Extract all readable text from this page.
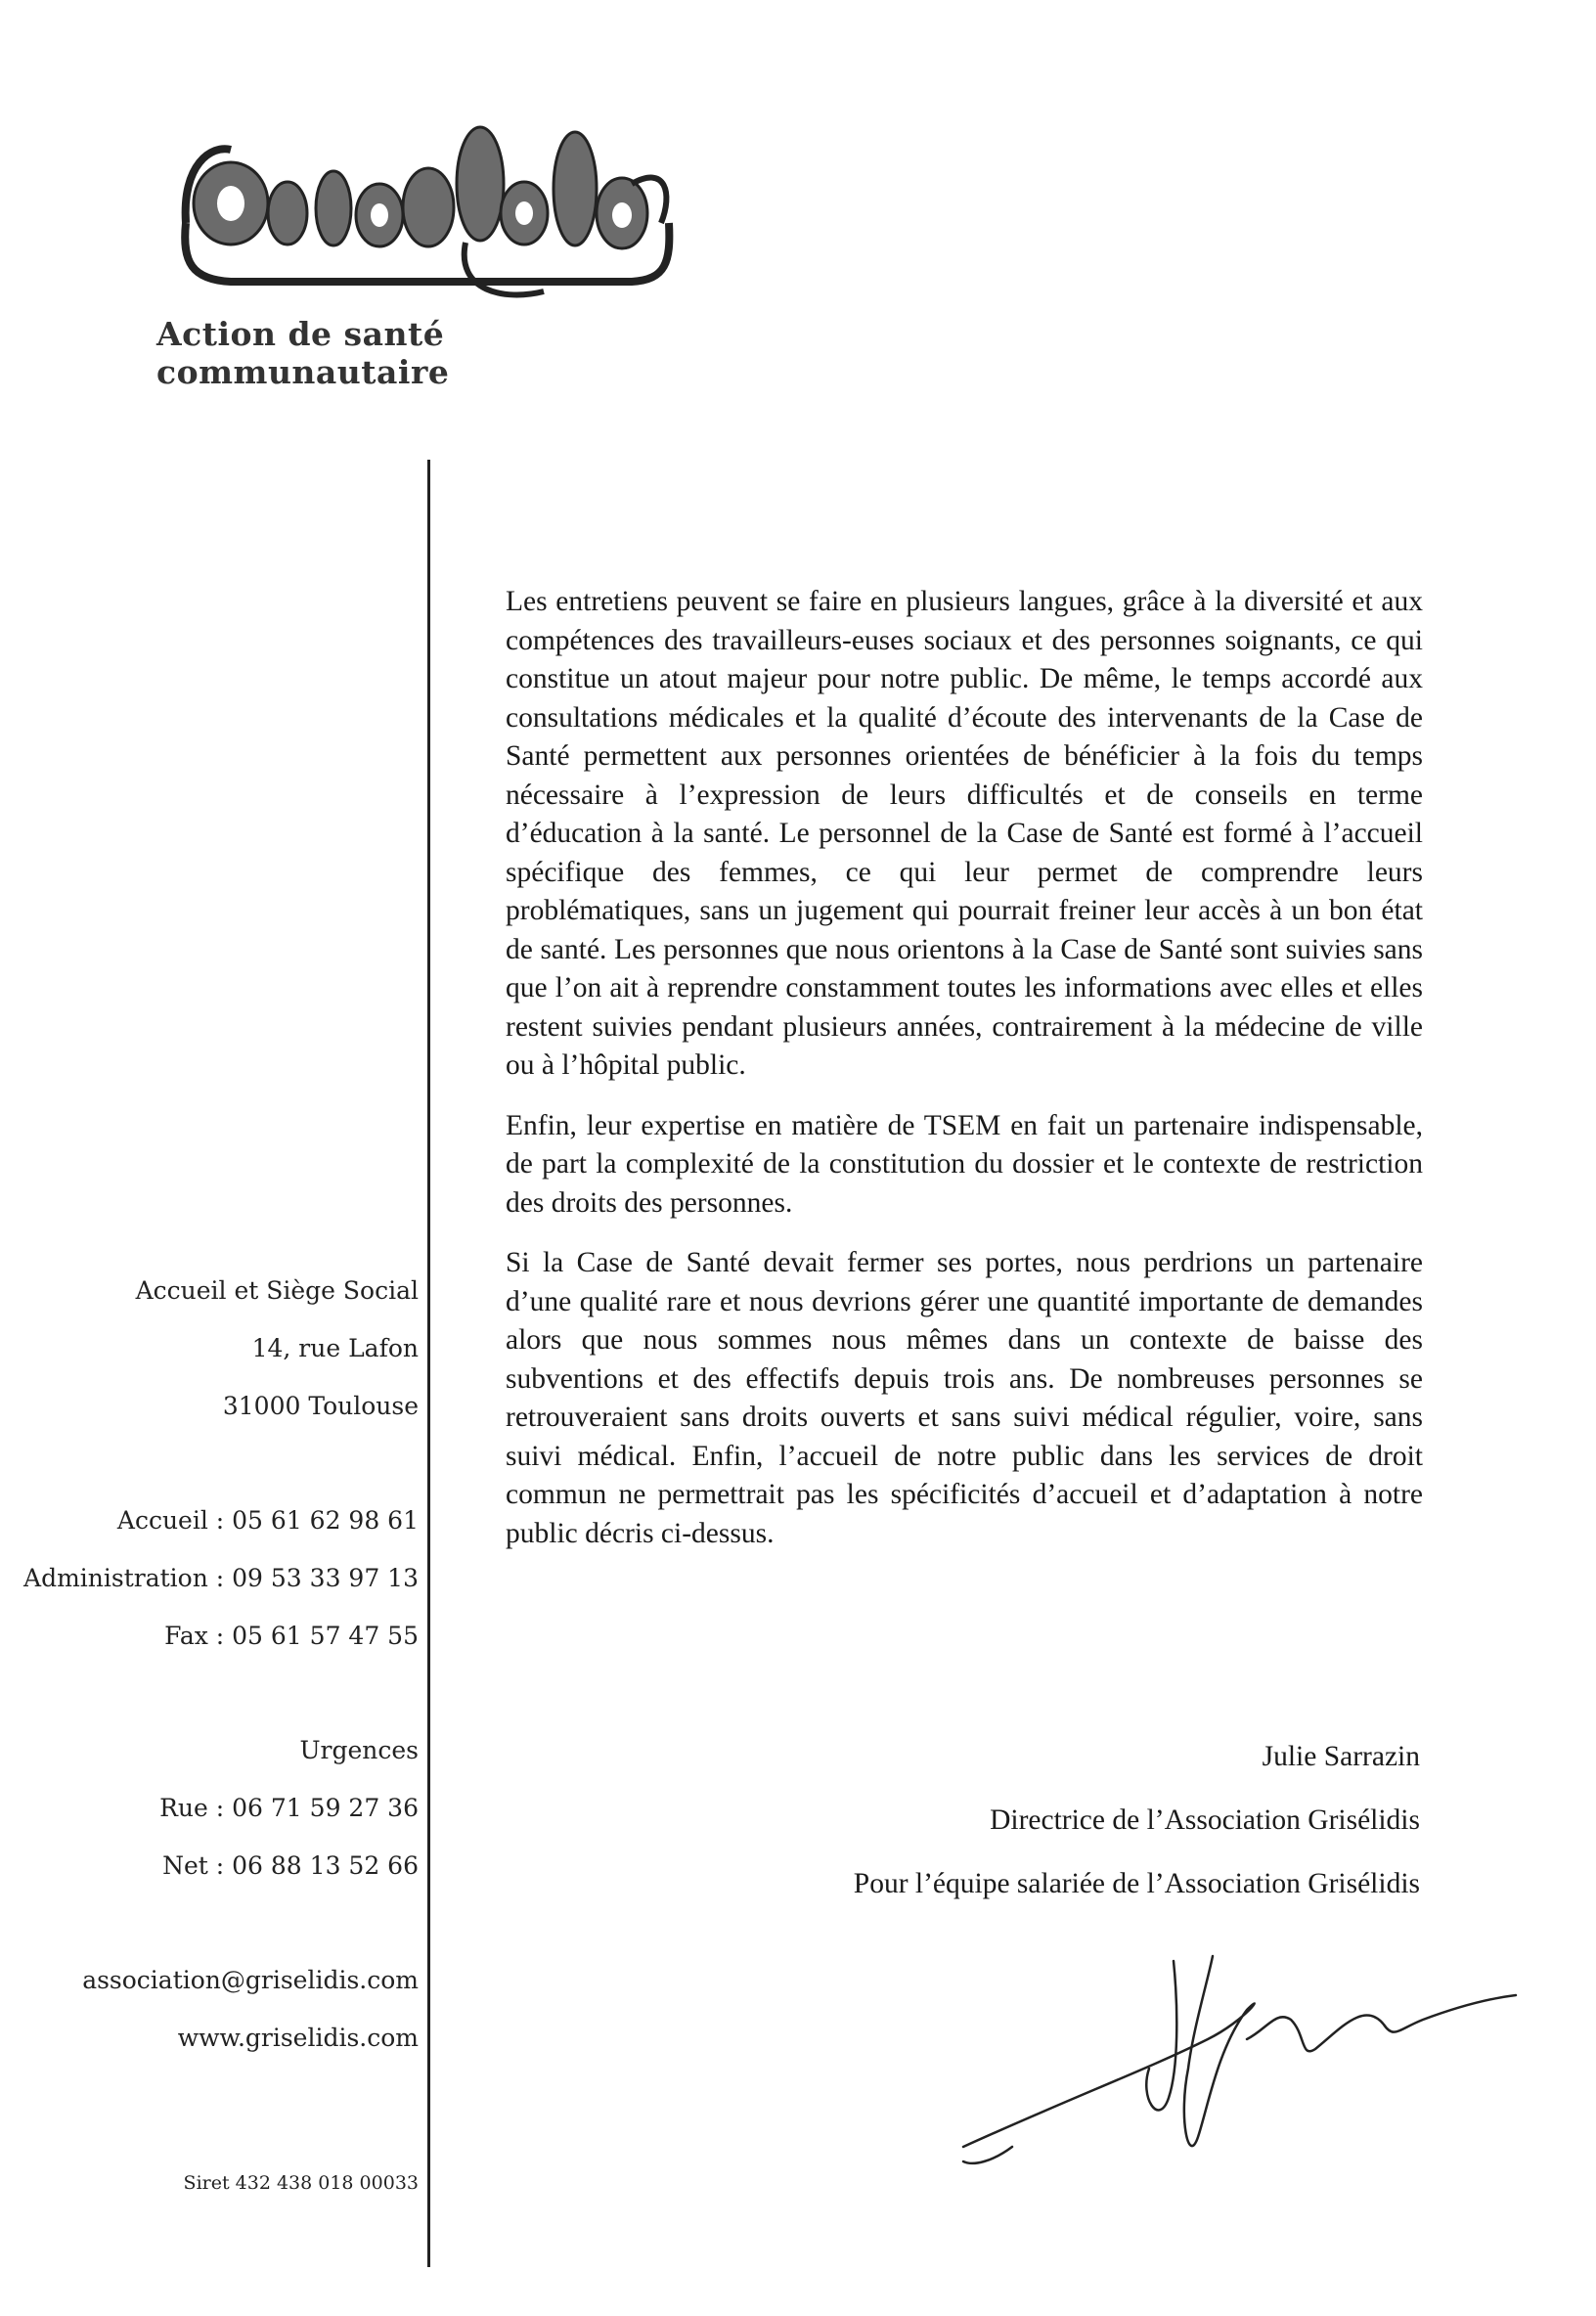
Action de santé communautaire
Accueil et Siège Social
14, rue Lafon
31000 Toulouse
Accueil : 05 61 62 98 61
Administration : 09 53 33 97 13
Fax : 05 61 57 47 55
Urgences
Rue : 06 71 59 27 36
Net : 06 88 13 52 66
association@griselidis.com
www.griselidis.com
Siret 432 438 018 00033

Les entretiens peuvent se faire en plusieurs langues, grâce à la diversité et aux compétences des travailleurs-euses sociaux et des personnes soignants, ce qui constitue un atout majeur pour notre public. De même, le temps accordé aux consultations médicales et la qualité d’écoute des intervenants de la Case de Santé permettent aux personnes orientées de bénéficier à la fois du temps nécessaire à l’expression de leurs difficultés et de conseils en terme d’éducation à la santé. Le personnel de la Case de Santé est formé à l’accueil spécifique des femmes, ce qui leur permet de comprendre leurs problématiques, sans un jugement qui pourrait freiner leur accès à un bon état de santé. Les personnes que nous orientons à la Case de Santé sont suivies sans que l’on ait à reprendre constamment toutes les informations avec elles et elles restent suivies pendant plusieurs années, contrairement à la médecine de ville ou à l’hôpital public.

Enfin, leur expertise en matière de TSEM en fait un partenaire indispensable, de part la complexité de la constitution du dossier et le contexte de restriction des droits des personnes.

Si la Case de Santé devait fermer ses portes, nous perdrions un partenaire d’une qualité rare et nous devrions gérer une quantité importante de demandes alors que nous sommes nous mêmes dans un contexte de baisse des subventions et des effectifs depuis trois ans. De nombreuses personnes se retrouveraient sans droits ouverts et sans suivi médical régulier, voire, sans suivi médical. Enfin, l’accueil de notre public dans les services de droit commun ne permettrait pas les spécificités d’accueil et d’adaptation à notre public décris ci-dessus.

Julie Sarrazin
Directrice de l’Association Grisélidis
Pour l’équipe salariée de l’Association Grisélidis
